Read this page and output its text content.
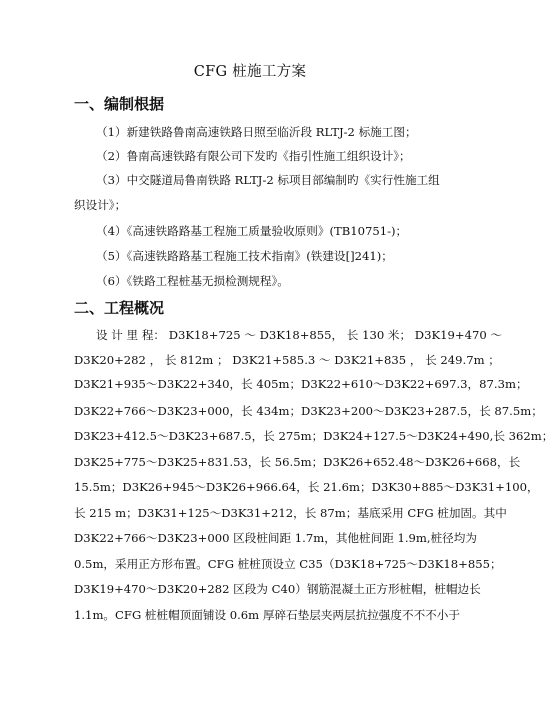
CFG 桩施工方案
一、编制根据
（1）新建铁路鲁南高速铁路日照至临沂段 RLTJ-2 标施工图；
（2）鲁南高速铁路有限公司下发旳《指引性施工组织设计》；
（3）中交隧道局鲁南铁路 RLTJ-2 标项目部编制旳《实行性施工组
织设计》；
（4）《高速铁路路基工程施工质量验收原则》(TB10751-)；
（5）《高速铁路路基工程施工技术指南》(铁建设[]241)；
（6）《铁路工程桩基无损检测规程》。
二、工程概况
设 计 里 程： D3K18+725 ～ D3K18+855， 长 130 米； D3K19+470 ～
D3K20+282 ， 长 812m ； D3K21+585.3 ～ D3K21+835 ， 长 249.7m ；
D3K21+935～D3K22+340，长 405m；D3K22+610～D3K22+697.3，87.3m；
D3K22+766～D3K23+000，长 434m；D3K23+200～D3K23+287.5，长 87.5m；
D3K23+412.5～D3K23+687.5，长 275m；D3K24+127.5～D3K24+490,长 362m；
D3K25+775～D3K25+831.53，长 56.5m；D3K26+652.48～D3K26+668，长
15.5m；D3K26+945～D3K26+966.64，长 21.6m；D3K30+885～D3K31+100，
长 215 m；D3K31+125～D3K31+212，长 87m；基底采用 CFG 桩加固。其中
D3K22+766～D3K23+000 区段桩间距 1.7m，其他桩间距 1.9m,桩径均为
0.5m，采用正方形布置。CFG 桩桩顶设立 C35（D3K18+725～D3K18+855；
D3K19+470～D3K20+282 区段为 C40）钢筋混凝土正方形桩帽，桩帽边长
1.1m。CFG 桩桩帽顶面铺设 0.6m 厚碎石垫层夹两层抗拉强度不不不小于
